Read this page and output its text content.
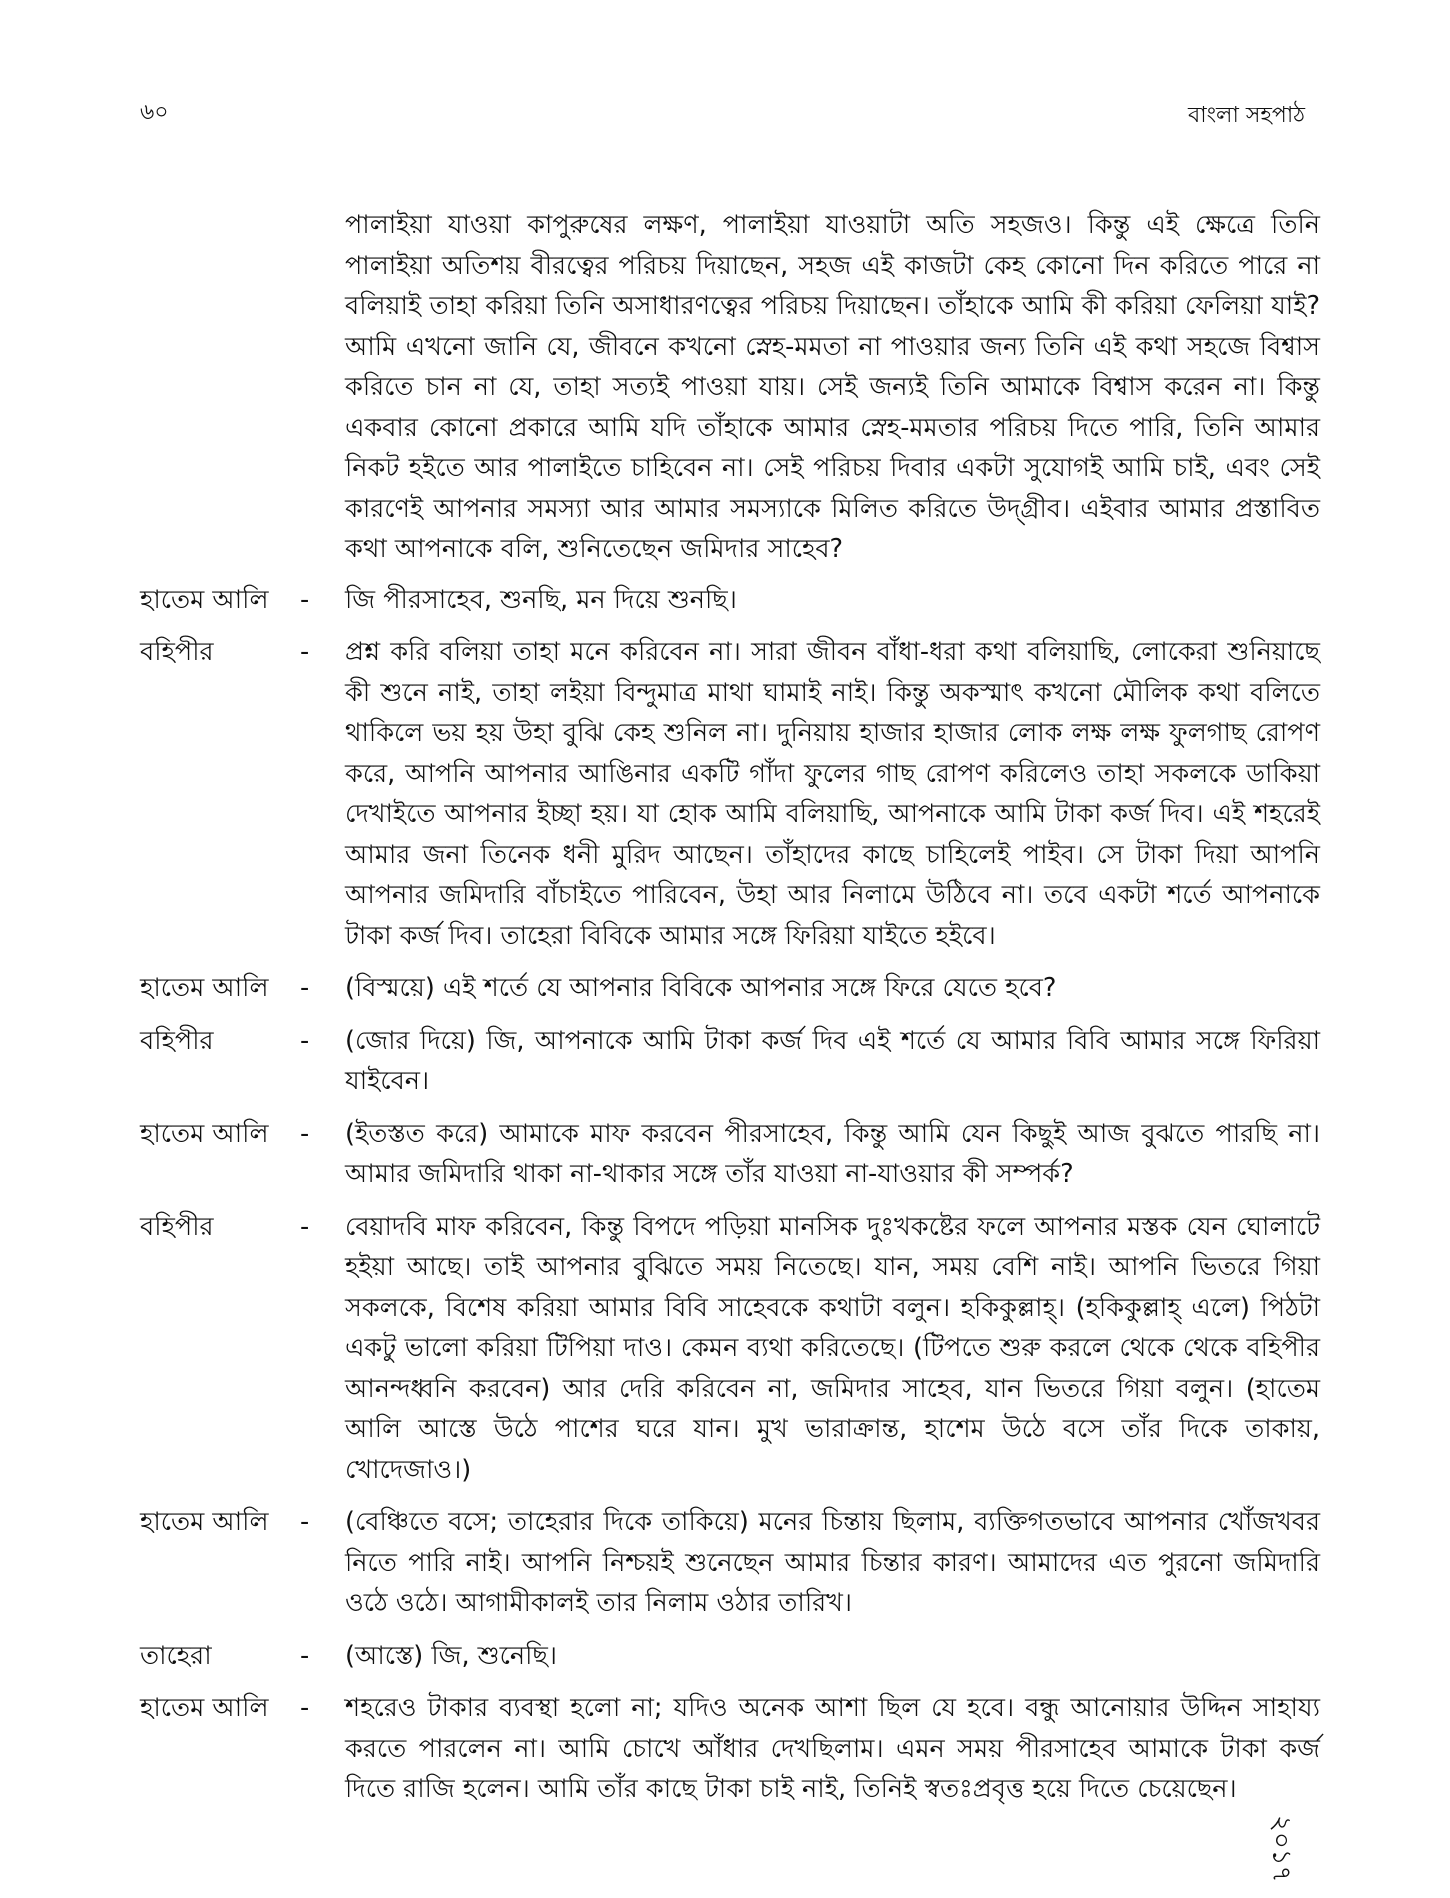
৬০	বাংলা সহপাঠ
পালাইয়া যাওয়া কাপুরুষের লক্ষণ, পালাইয়া যাওয়াটা অতি সহজও। কিন্তু এই ক্ষেত্রে তিনি পালাইয়া অতিশয় বীরত্বের পরিচয় দিয়াছেন, সহজ এই কাজটা কেহ কোনো দিন করিতে পারে না বলিয়াই তাহা করিয়া তিনি অসাধারণত্বের পরিচয় দিয়াছেন। তাঁহাকে আমি কী করিয়া ফেলিয়া যাই? আমি এখনো জানি যে, জীবনে কখনো স্নেহ-মমতা না পাওয়ার জন্য তিনি এই কথা সহজে বিশ্বাস করিতে চান না যে, তাহা সত্যই পাওয়া যায়। সেই জন্যই তিনি আমাকে বিশ্বাস করেন না। কিন্তু একবার কোনো প্রকারে আমি যদি তাঁহাকে আমার স্নেহ-মমতার পরিচয় দিতে পারি, তিনি আমার নিকট হইতে আর পালাইতে চাহিবেন না। সেই পরিচয় দিবার একটা সুযোগই আমি চাই, এবং সেই কারণেই আপনার সমস্যা আর আমার সমস্যাকে মিলিত করিতে উদ্‌গ্রীব। এইবার আমার প্রস্তাবিত কথা আপনাকে বলি, শুনিতেছেন জমিদার সাহেব?
হাতেম আলি	-	জি পীরসাহেব, শুনছি, মন দিয়ে শুনছি।
বহিপীর	-	প্রশ্ন করি বলিয়া তাহা মনে করিবেন না। সারা জীবন বাঁধা-ধরা কথা বলিয়াছি, লোকেরা শুনিয়াছে কী শুনে নাই, তাহা লইয়া বিন্দুমাত্র মাথা ঘামাই নাই। কিন্তু অকস্মাৎ কখনো মৌলিক কথা বলিতে থাকিলে ভয় হয় উহা বুঝি কেহ শুনিল না। দুনিয়ায় হাজার হাজার লোক লক্ষ লক্ষ ফুলগাছ রোপণ করে, আপনি আপনার আঙিনার একটি গাঁদা ফুলের গাছ রোপণ করিলেও তাহা সকলকে ডাকিয়া দেখাইতে আপনার ইচ্ছা হয়। যা হোক আমি বলিয়াছি, আপনাকে আমি টাকা কর্জ দিব। এই শহরেই আমার জনা তিনেক ধনী মুরিদ আছেন। তাঁহাদের কাছে চাহিলেই পাইব। সে টাকা দিয়া আপনি আপনার জমিদারি বাঁচাইতে পারিবেন, উহা আর নিলামে উঠিবে না। তবে একটা শর্তে আপনাকে টাকা কর্জ দিব। তাহেরা বিবিকে আমার সঙ্গে ফিরিয়া যাইতে হইবে।
হাতেম আলি	-	(বিস্ময়ে) এই শর্তে যে আপনার বিবিকে আপনার সঙ্গে ফিরে যেতে হবে?
বহিপীর	-	(জোর দিয়ে) জি, আপনাকে আমি টাকা কর্জ দিব এই শর্তে যে আমার বিবি আমার সঙ্গে ফিরিয়া যাইবেন।
হাতেম আলি	-	(ইতস্তত করে) আমাকে মাফ করবেন পীরসাহেব, কিন্তু আমি যেন কিছুই আজ বুঝতে পারছি না। আমার জমিদারি থাকা না-থাকার সঙ্গে তাঁর যাওয়া না-যাওয়ার কী সম্পর্ক?
বহিপীর	-	বেয়াদবি মাফ করিবেন, কিন্তু বিপদে পড়িয়া মানসিক দুঃখকষ্টের ফলে আপনার মস্তক যেন ঘোলাটে হইয়া আছে। তাই আপনার বুঝিতে সময় নিতেছে। যান, সময় বেশি নাই। আপনি ভিতরে গিয়া সকলকে, বিশেষ করিয়া আমার বিবি সাহেবকে কথাটা বলুন। হকিকুল্লাহ্‌। (হকিকুল্লাহ্‌ এলে) পিঠটা একটু ভালো করিয়া টিপিয়া দাও। কেমন ব্যথা করিতেছে। (টিপতে শুরু করলে থেকে থেকে বহিপীর আনন্দধ্বনি করবেন) আর দেরি করিবেন না, জমিদার সাহেব, যান ভিতরে গিয়া বলুন। (হাতেম আলি আস্তে উঠে পাশের ঘরে যান। মুখ ভারাক্রান্ত, হাশেম উঠে বসে তাঁর দিকে তাকায়, খোদেজাও।)
হাতেম আলি	-	(বেঞ্চিতে বসে; তাহেরার দিকে তাকিয়ে) মনের চিন্তায় ছিলাম, ব্যক্তিগতভাবে আপনার খোঁজখবর নিতে পারি নাই। আপনি নিশ্চয়ই শুনেছেন আমার চিন্তার কারণ। আমাদের এত পুরনো জমিদারি ওঠে ওঠে। আগামীকালই তার নিলাম ওঠার তারিখ।
তাহেরা	-	(আস্তে) জি, শুনেছি।
হাতেম আলি	-	শহরেও টাকার ব্যবস্থা হলো না; যদিও অনেক আশা ছিল যে হবে। বন্ধু আনোয়ার উদ্দিন সাহায্য করতে পারলেন না। আমি চোখে আঁধার দেখছিলাম। এমন সময় পীরসাহেব আমাকে টাকা কর্জ দিতে রাজি হলেন। আমি তাঁর কাছে টাকা চাই নাই, তিনিই স্বতঃপ্রবৃত্ত হয়ে দিতে চেয়েছেন।
২০১৭
